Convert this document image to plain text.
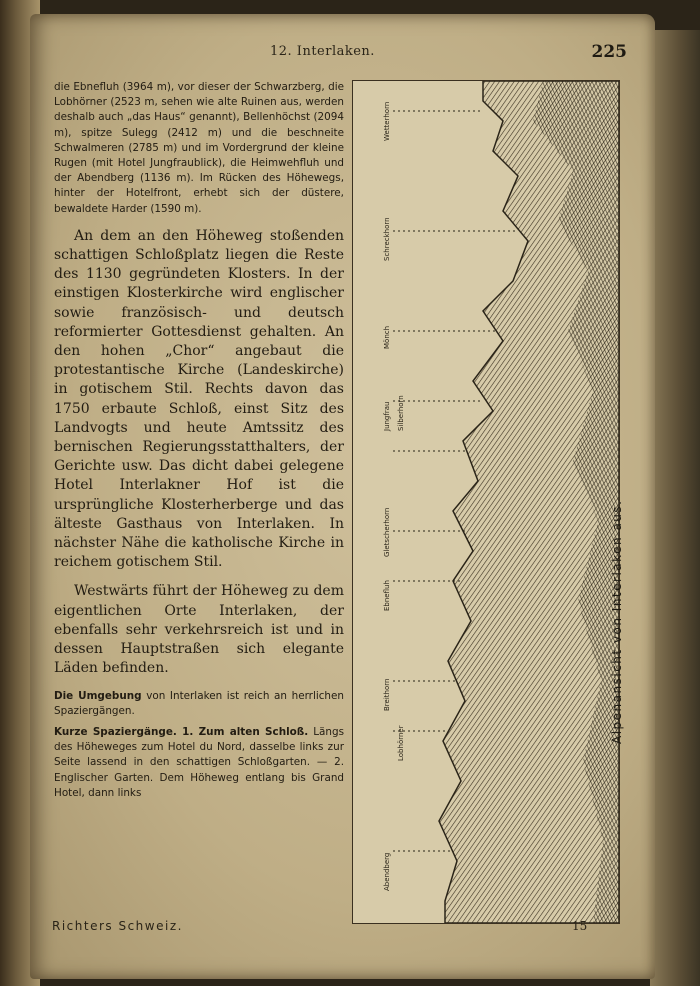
12. Interlaken.	225

die Ebnefluh (3964 m), vor dieser der Schwarzberg, die Lobhörner (2523 m, sehen wie alte Ruinen aus, werden deshalb auch „das Haus“ genannt), Bellenhöchst (2094 m), spitze Sulegg (2412 m) und die beschneite Schwalmeren (2785 m) und im Vordergrund der kleine Rugen (mit Hotel Jungfraublick), die Heimwehfluh und der Abendberg (1136 m). Im Rücken des Höhewegs, hinter der Hotelfront, erhebt sich der düstere, bewaldete Harder (1590 m).

An dem an den Höheweg stoßenden schattigen Schloßplatz liegen die Reste des 1130 gegründeten Klosters. In der einstigen Klosterkirche wird englischer sowie französisch- und deutsch reformierter Gottesdienst gehalten. An den hohen „Chor“ angebaut die protestantische Kirche (Landeskirche) in gotischem Stil. Rechts davon das 1750 erbaute Schloß, einst Sitz des Landvogts und heute Amtssitz des bernischen Regierungsstatthalters, der Gerichte usw. Das dicht dabei gelegene Hotel Interlakner Hof ist die ursprüngliche Klosterherberge und das älteste Gasthaus von Interlaken. In nächster Nähe die katholische Kirche in reichem gotischem Stil.

Westwärts führt der Höheweg zu dem eigentlichen Orte Interlaken, der ebenfalls sehr verkehrsreich ist und in dessen Hauptstraßen sich elegante Läden befinden.

Die Umgebung von Interlaken ist reich an herrlichen Spaziergängen.

Kurze Spaziergänge. 1. Zum alten Schloß. Längs des Höheweges zum Hotel du Nord, dasselbe links zur Seite lassend in den schattigen Schloßgarten. — 2. Englischer Garten. Dem Höheweg entlang bis Grand Hotel, dann links

Wetterhorn
Schreckhorn
Mönch
Jungfrau Silberhorn
Gletscherhorn
Ebnefluh
Breithorn
Lobhörner
Abendberg
Alpenansicht von Interlaken aus.
Richters Schweiz.	15
